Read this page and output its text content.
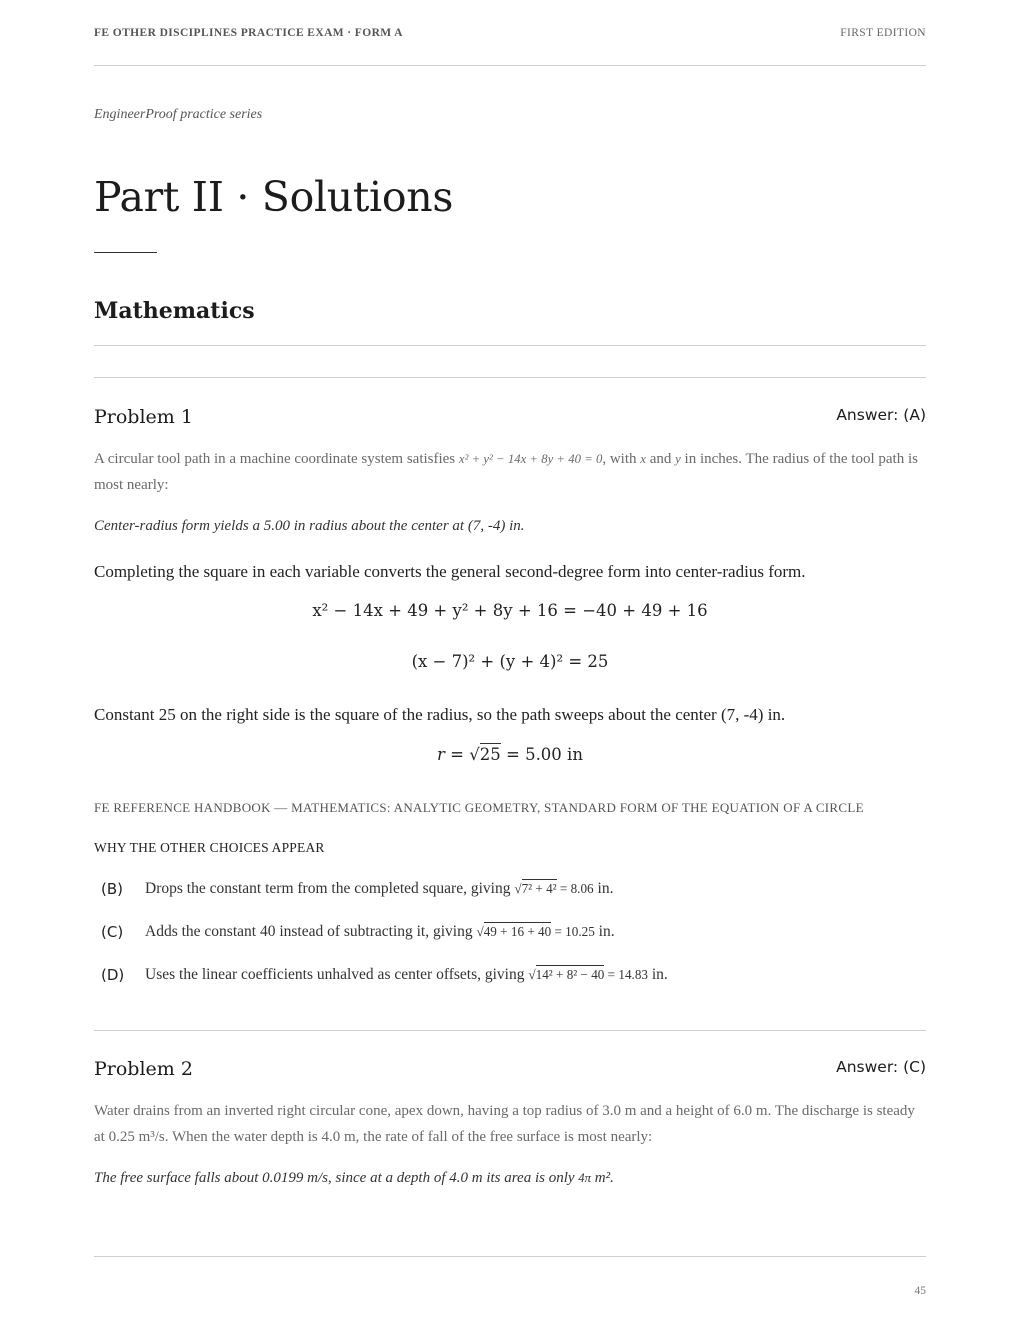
FE OTHER DISCIPLINES PRACTICE EXAM · FORM A	FIRST EDITION
EngineerProof practice series
Part II · Solutions
Mathematics
Problem 1	Answer: (A)

A circular tool path in a machine coordinate system satisfies x² + y² − 14x + 8y + 40 = 0, with x and y in inches. The radius of the tool path is most nearly:

Center-radius form yields a 5.00 in radius about the center at (7, -4) in.

Completing the square in each variable converts the general second-degree form into center-radius form.

x² − 14x + 49 + y² + 8y + 16 = −40 + 49 + 16
(x − 7)² + (y + 4)² = 25

Constant 25 on the right side is the square of the radius, so the path sweeps about the center (7, -4) in.

r = √25 = 5.00 in
FE REFERENCE HANDBOOK — MATHEMATICS: ANALYTIC GEOMETRY, STANDARD FORM OF THE EQUATION OF A CIRCLE
WHY THE OTHER CHOICES APPEAR
(B) Drops the constant term from the completed square, giving √7² + 4² = 8.06 in.
(C) Adds the constant 40 instead of subtracting it, giving √49 + 16 + 40 = 10.25 in.
(D) Uses the linear coefficients unhalved as center offsets, giving √14² + 8² − 40 = 14.83 in.
Problem 2	Answer: (C)

Water drains from an inverted right circular cone, apex down, having a top radius of 3.0 m and a height of 6.0 m. The discharge is steady at 0.25 m³/s. When the water depth is 4.0 m, the rate of fall of the free surface is most nearly:

The free surface falls about 0.0199 m/s, since at a depth of 4.0 m its area is only 4π m².

45
